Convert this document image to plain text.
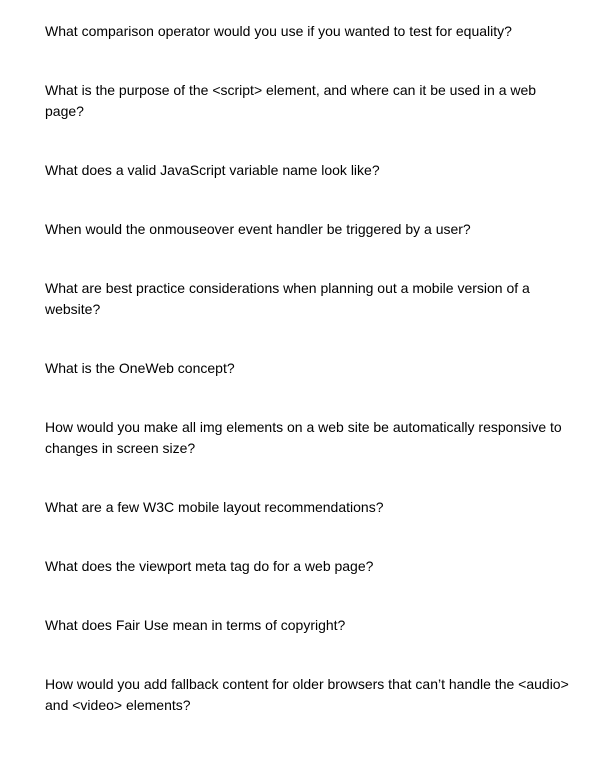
What comparison operator would you use if you wanted to test for equality?

What is the purpose of the <script> element, and where can it be used in a web page?

What does a valid JavaScript variable name look like?

When would the onmouseover event handler be triggered by a user?

What are best practice considerations when planning out a mobile version of a website?

What is the OneWeb concept?

How would you make all img elements on a web site be automatically responsive to changes in screen size?

What are a few W3C mobile layout recommendations?

What does the viewport meta tag do for a web page?

What does Fair Use mean in terms of copyright?

How would you add fallback content for older browsers that can’t handle the <audio> and <video> elements?
